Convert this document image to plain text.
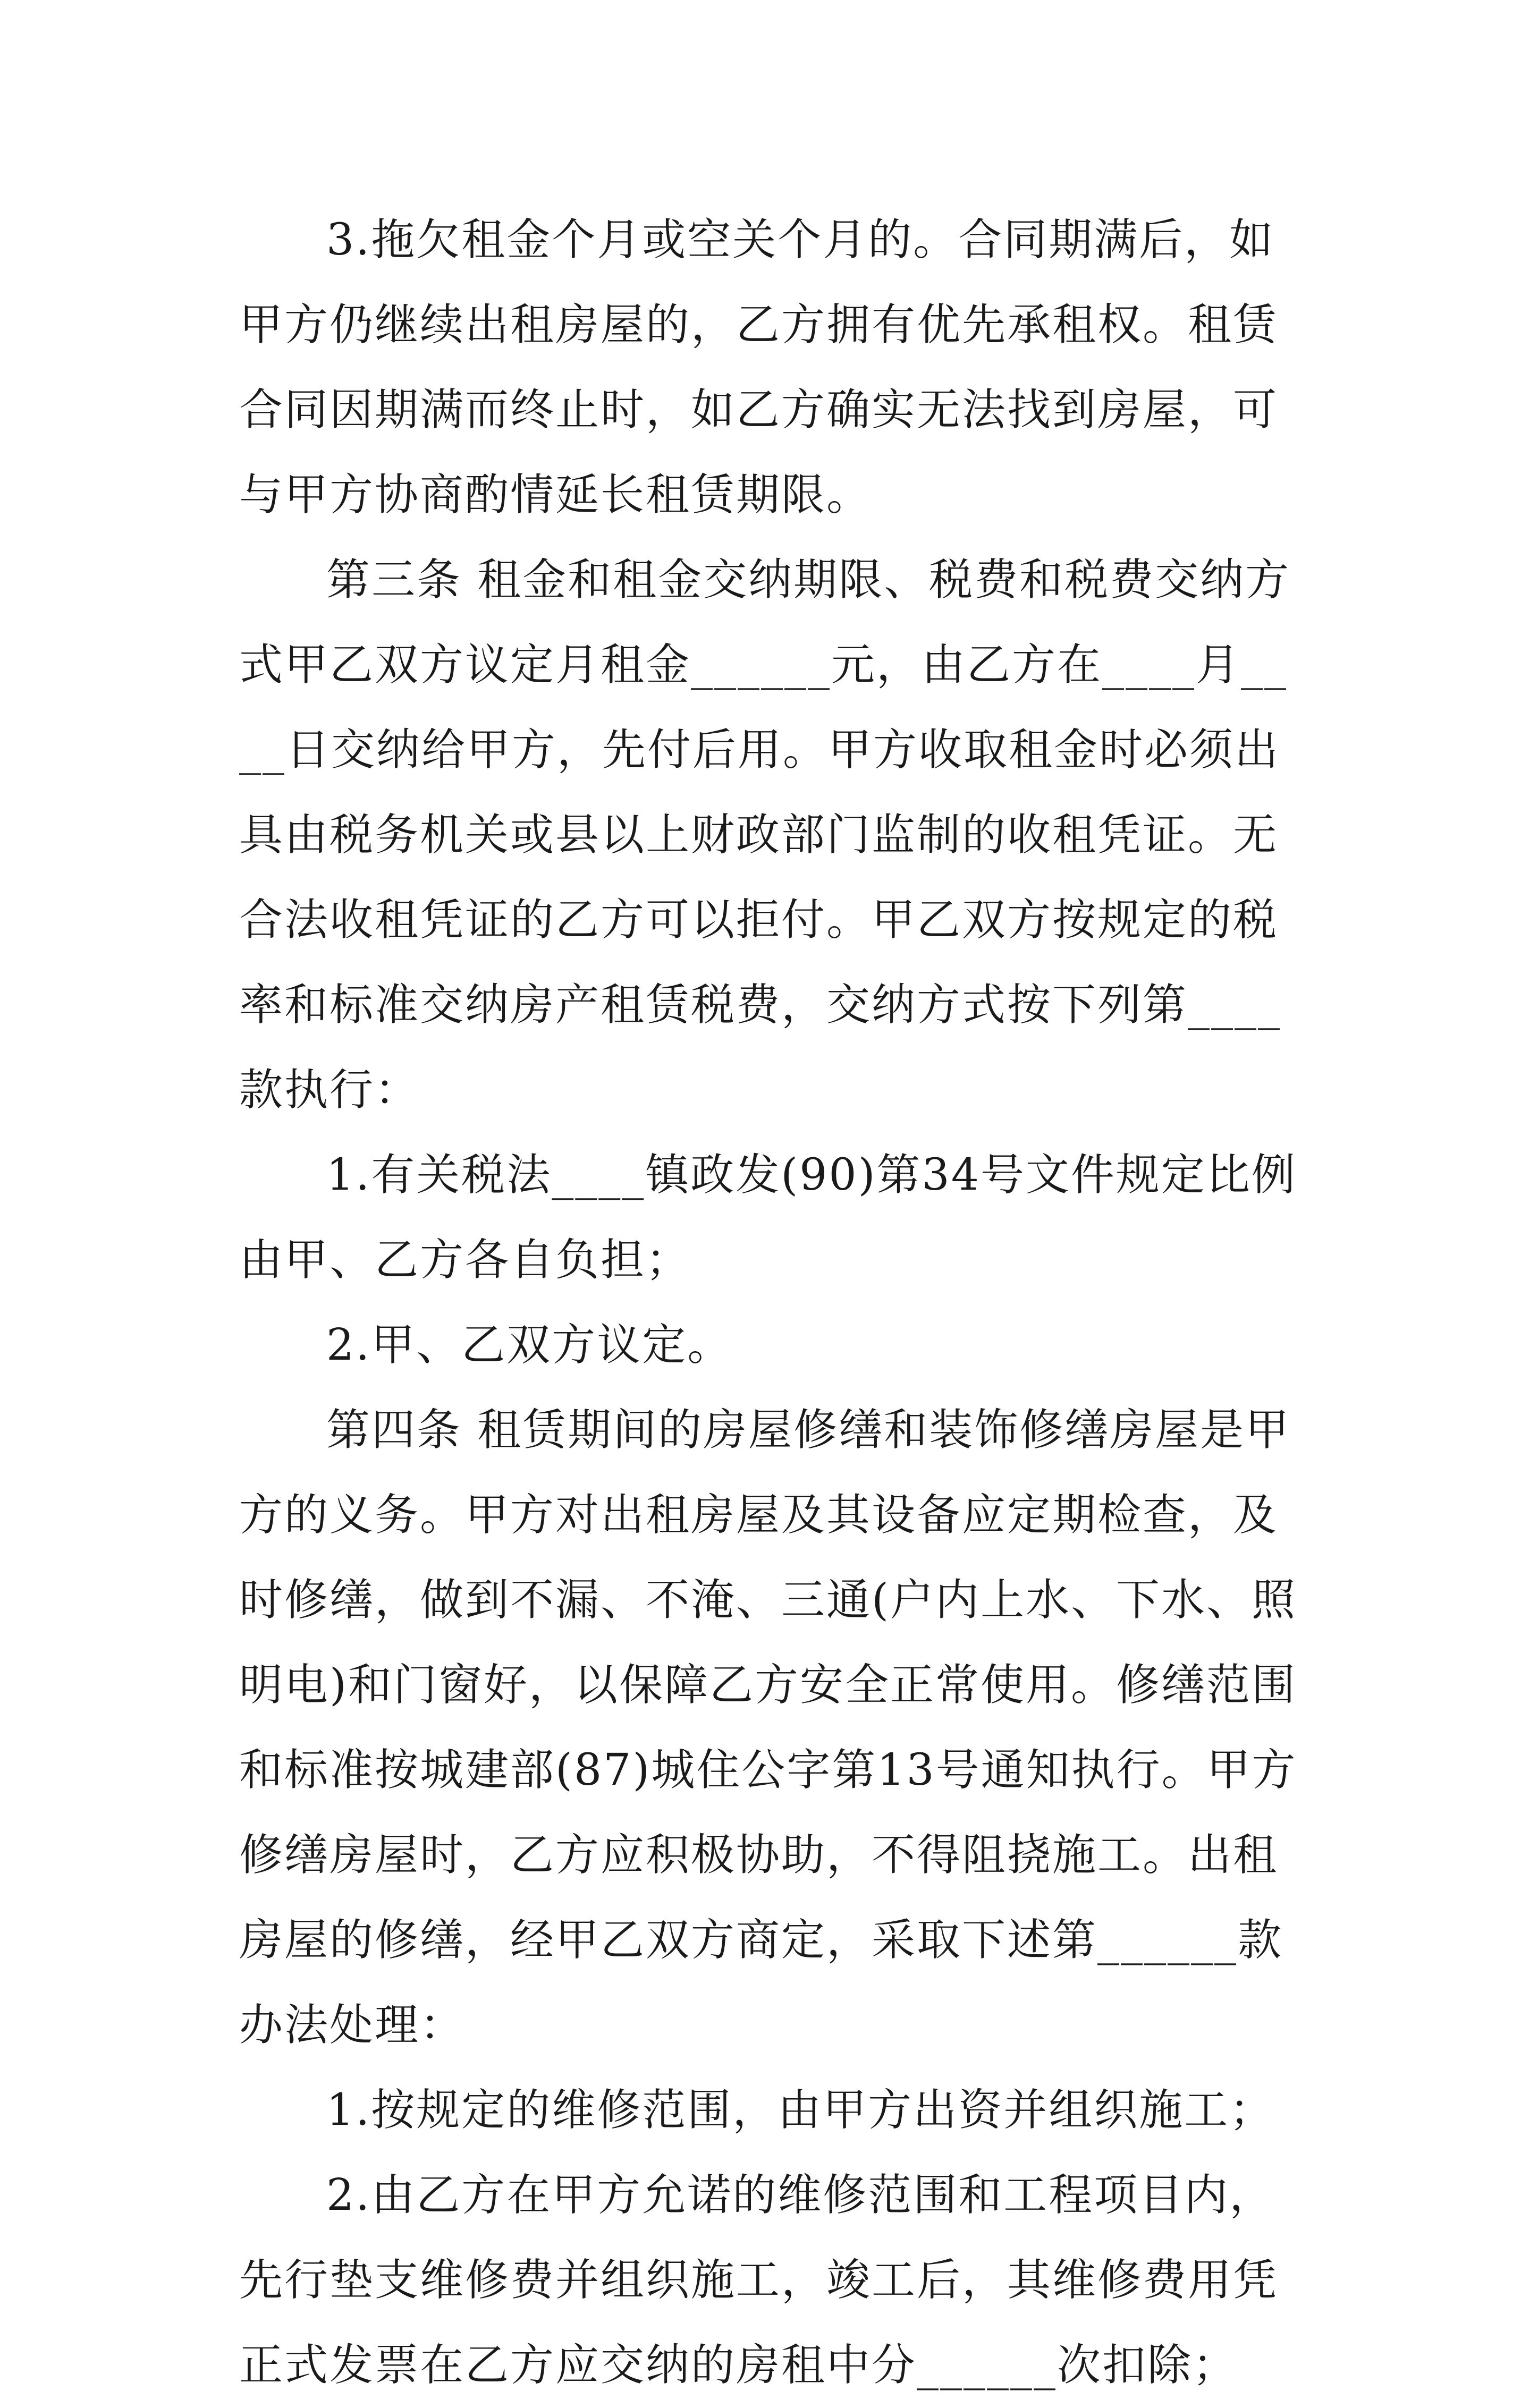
3.拖欠租金个月或空关个月的。合同期满后，如甲方仍继续出租房屋的，乙方拥有优先承租权。租赁合同因期满而终止时，如乙方确实无法找到房屋，可与甲方协商酌情延长租赁期限。

第三条 租金和租金交纳期限、税费和税费交纳方式甲乙双方议定月租金______元，由乙方在____月____日交纳给甲方，先付后用。甲方收取租金时必须出具由税务机关或县以上财政部门监制的收租凭证。无合法收租凭证的乙方可以拒付。甲乙双方按规定的税率和标准交纳房产租赁税费，交纳方式按下列第____款执行：

1.有关税法____镇政发(90)第34号文件规定比例由甲、乙方各自负担；

2.甲、乙双方议定。

第四条 租赁期间的房屋修缮和装饰修缮房屋是甲方的义务。甲方对出租房屋及其设备应定期检查，及时修缮，做到不漏、不淹、三通(户内上水、下水、照明电)和门窗好，以保障乙方安全正常使用。修缮范围和标准按城建部(87)城住公字第13号通知执行。甲方修缮房屋时，乙方应积极协助，不得阻挠施工。出租房屋的修缮，经甲乙双方商定，采取下述第______款办法处理：

1.按规定的维修范围，由甲方出资并组织施工；

2.由乙方在甲方允诺的维修范围和工程项目内，先行垫支维修费并组织施工，竣工后，其维修费用凭正式发票在乙方应交纳的房租中分______次扣除；
